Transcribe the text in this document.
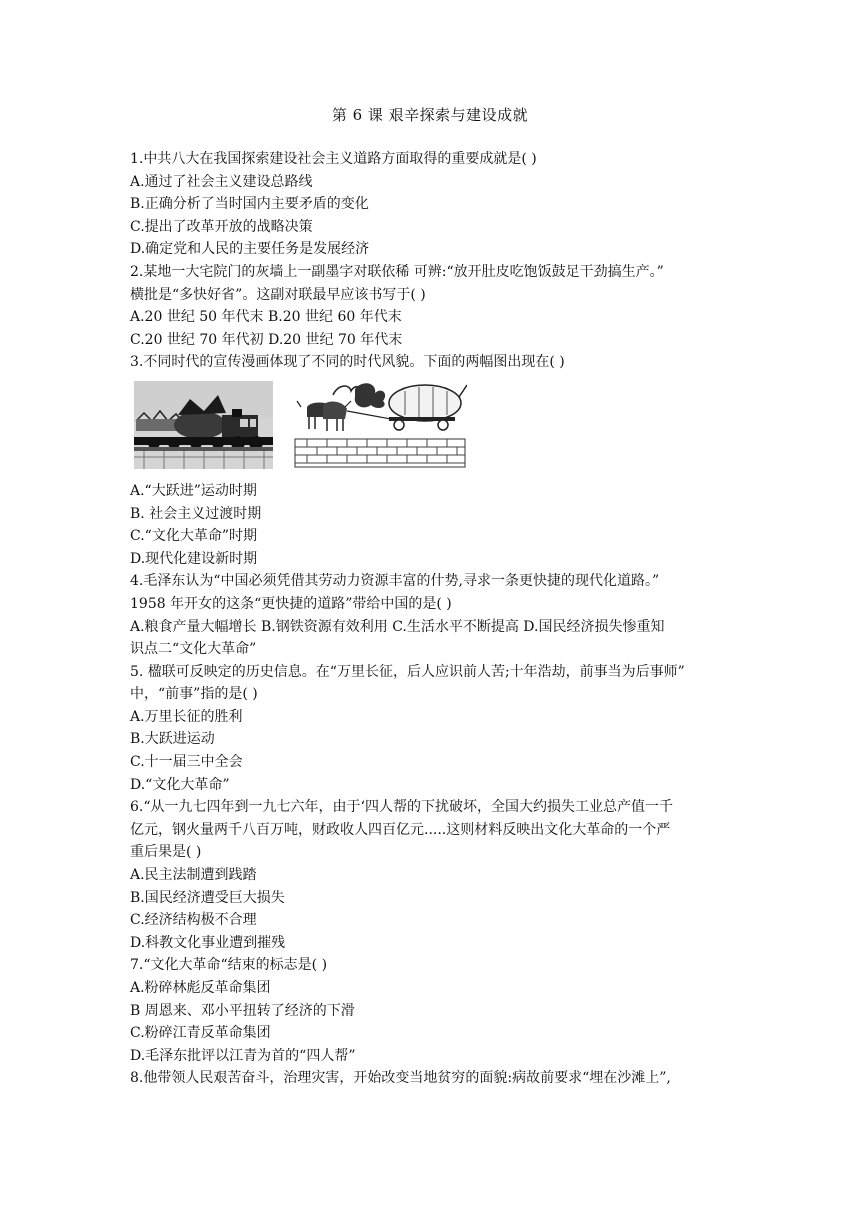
第 6 课 艰辛探索与建设成就
1.中共八大在我国探索建设社会主义道路方面取得的重要成就是( )
A.通过了社会主义建设总路线
B.正确分析了当时国内主要矛盾的变化
C.提出了改革开放的战略决策
D.确定党和人民的主要任务是发展经济
2.某地一大宅院门的灰墙上一副墨字对联依稀 可辨:“放开肚皮吃饱饭鼓足干劲搞生产。”
横批是“多快好省”。这副对联最早应该书写于( )
A.20 世纪 50 年代末 B.20 世纪 60 年代末
C.20 世纪 70 年代初 D.20 世纪 70 年代末
3.不同时代的宣传漫画体现了不同的时代风貌。下面的两幅图出现在( )
A.“大跃进”运动时期
B. 社会主义过渡时期
C.“文化大革命”时期
D.现代化建设新时期
4.毛泽东认为“中国必须凭借其劳动力资源丰富的什势,寻求一条更快捷的现代化道路。”
1958 年开女的这条“更快捷的道路”带给中国的是( )
A.粮食产量大幅增长 B.钢铁资源有效利用 C.生活水平不断提高 D.国民经济损失惨重知
识点二“文化大革命”
5. 楹联可反映定的历史信息。在“万里长征，后人应识前人苦;十年浩劫，前事当为后事师”
中，“前事”指的是( )
A.万里长征的胜利
B.大跃进运动
C.十一届三中全会
D.“文化大革命”
6.“从一九七四年到一九七六年，由于‘四人帮的下扰破坏，全国大约损失工业总产值一千
亿元，钢火量两千八百万吨，财政收人四百亿元.....这则材料反映出文化大革命的一个严
重后果是( )
A.民主法制遭到践踏
B.国民经济遭受巨大损失
C.经济结构极不合理
D.科教文化事业遭到摧残
7.“文化大革命“结束的标志是( )
A.粉碎林彪反革命集团
B 周恩来、邓小平扭转了经济的下滑
C.粉碎江青反革命集团
D.毛泽东批评以江青为首的“四人帮”
8.他带领人民艰苦奋斗，治理灾害，开始改变当地贫穷的面貌:病故前要求“埋在沙滩上”,
